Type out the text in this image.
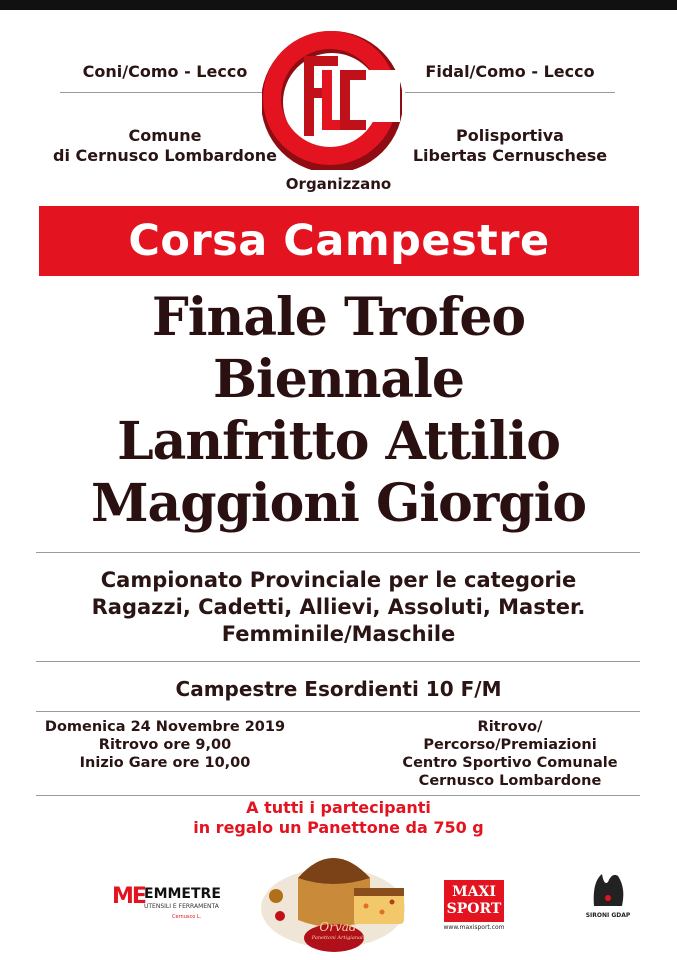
Coni/Como - Lecco	Fidal/Como - Lecco
Comune
di Cernusco Lombardone
Polisportiva
Libertas Cernuschese
Organizzano
Corsa Campestre
Finale Trofeo
Biennale
Lanfritto Attilio
Maggioni Giorgio
Campionato Provinciale per le categorie
Ragazzi, Cadetti, Allievi, Assoluti, Master.
Femminile/Maschile
Campestre Esordienti 10 F/M
Domenica 24 Novembre 2019
Ritrovo ore 9,00
Inizio Gare ore 10,00
Ritrovo/
Percorso/Premiazioni
Centro Sportivo Comunale
Cernusco Lombardone
A tutti i partecipanti
in regalo un Panettone da 750 g
ME EMMETRE
UTENSILI E FERRAMENTA
Cernusco L.
Orvad
Panettoni Artigianali
MAXI
SPORT
www.maxisport.com
SIRONI GDAP
